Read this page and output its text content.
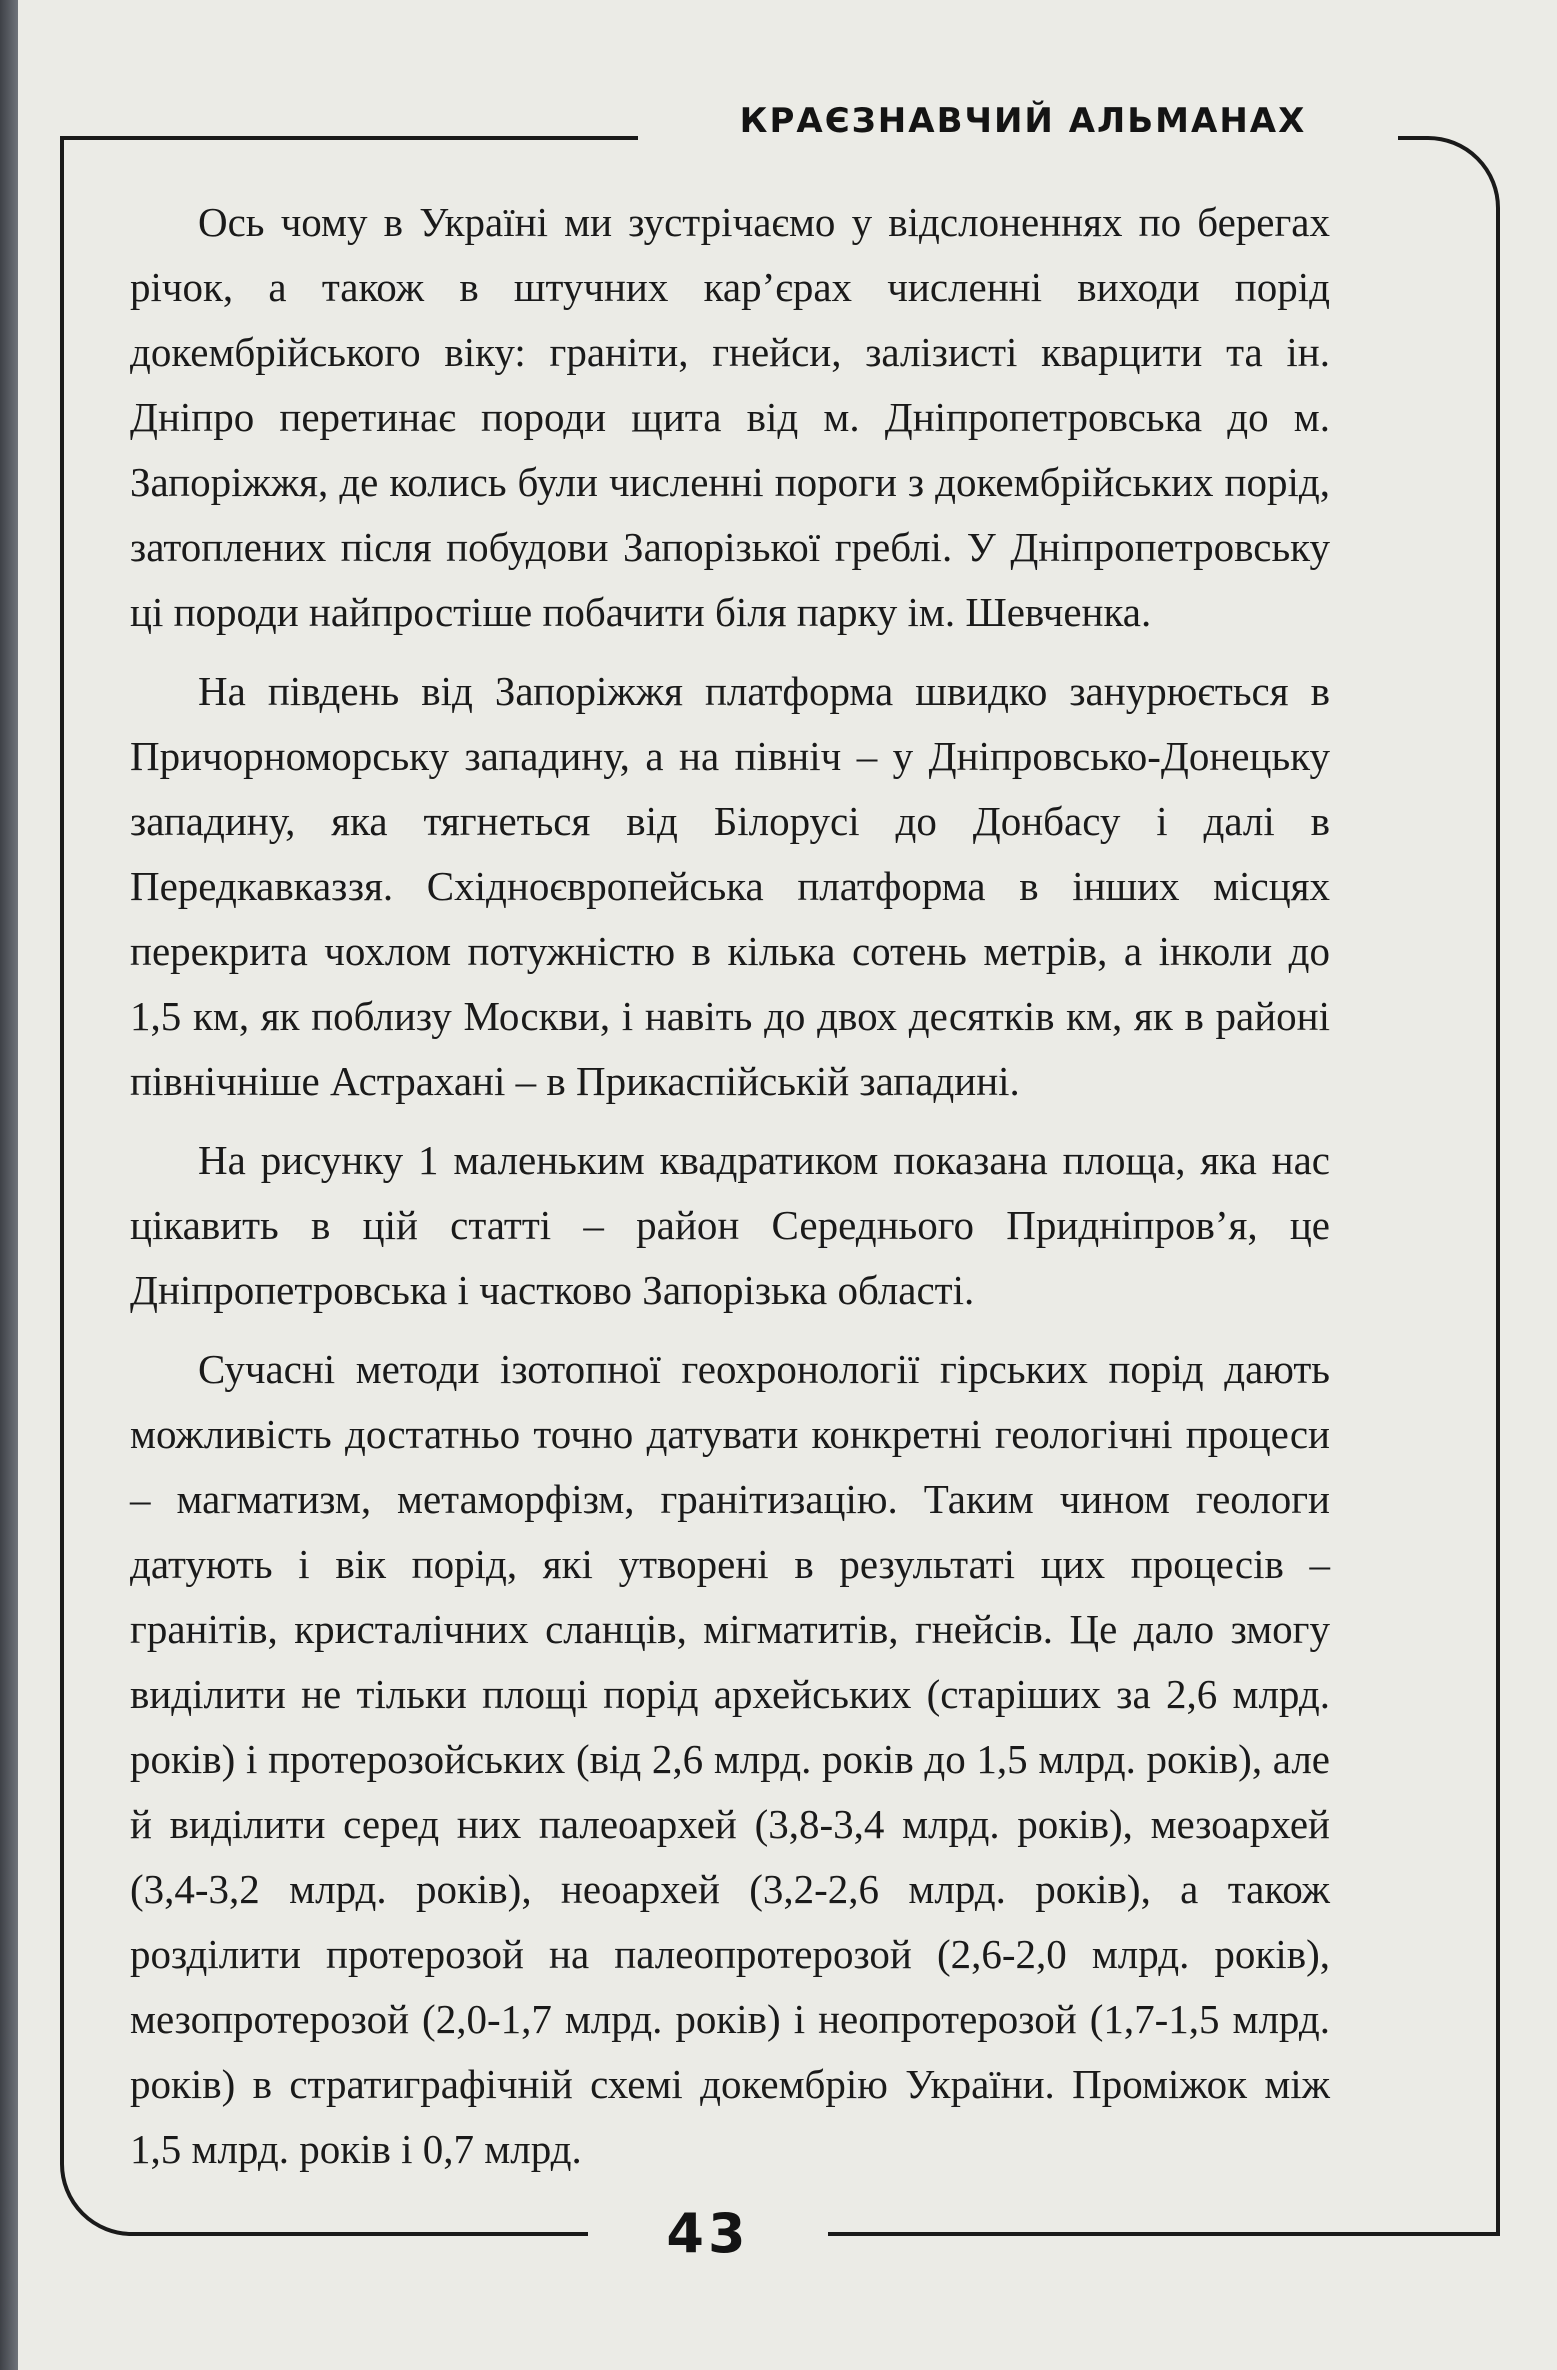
КРАЄЗНАВЧИЙ АЛЬМАНАХ

Ось чому в Україні ми зустрічаємо у відслоненнях по берегах річок, а також в штучних кар’єрах численні виходи порід докембрійського віку: граніти, гнейси, залізисті кварцити та ін. Дніпро перетинає породи щита від м. Дніпропетровська до м. Запоріжжя, де колись були численні пороги з докембрійських порід, затоплених після побудови Запорізької греблі. У Дніпропетровську ці породи найпростіше побачити біля парку ім. Шевченка.

На південь від Запоріжжя платформа швидко занурюється в Причорноморську западину, а на північ – у Дніпровсько-Донецьку западину, яка тягнеться від Білорусі до Донбасу і далі в Передкавказзя. Східноєвропейська платформа в інших місцях перекрита чохлом потужністю в кілька сотень метрів, а інколи до 1,5 км, як поблизу Москви, і навіть до двох десятків км, як в районі північніше Астрахані – в Прикаспійській западині.

На рисунку 1 маленьким квадратиком показана площа, яка нас цікавить в цій статті – район Середнього Придніпров’я, це Дніпропетровська і частково Запорізька області.

Сучасні методи ізотопної геохронології гірських порід дають можливість достатньо точно датувати конкретні геологічні процеси – магматизм, метаморфізм, гранітизацію. Таким чином геологи датують і вік порід, які утворені в результаті цих процесів – гранітів, кристалічних сланців, мігматитів, гнейсів. Це дало змогу виділити не тільки площі порід архейських (старіших за 2,6 млрд. років) і протерозойських (від 2,6 млрд. років до 1,5 млрд. років), але й виділити серед них палеоархей (3,8-3,4 млрд. років), мезоархей (3,4-3,2 млрд. років), неоархей (3,2-2,6 млрд. років), а також розділити протерозой на палеопротерозой (2,6-2,0 млрд. років), мезопротерозой (2,0-1,7 млрд. років) і неопротерозой (1,7-1,5 млрд. років) в стратиграфічній схемі докембрію України. Проміжок між 1,5 млрд. років і 0,7 млрд.

43
